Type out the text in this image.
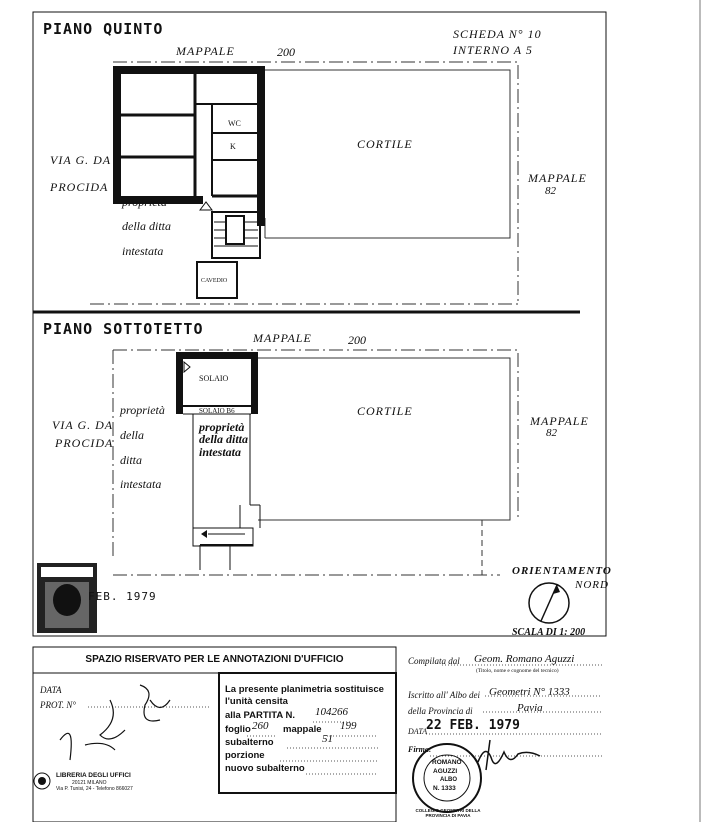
PIANO QUINTO	SCHEDA N° 10
INTERNO A 5
MAPPALE	200
CORTILE
VIA G. DA
PROCIDA
MAPPALE
82
proprietà
della ditta
intestata
WC
K
CAVEDIO
PIANO SOTTOTETTO	MAPPALE	200
CORTILE
VIA G. DA
PROCIDA
MAPPALE
82
proprietà
della
ditta
intestata
proprietà
della ditta
intestata
SOLAIO
SOLAIO B6
FEB. 1979
ORIENTAMENTO
NORD
SCALA DI 1: 200
SPAZIO RISERVATO PER LE ANNOTAZIONI D'UFFICIO
DATA
PROT. N°
La presente planimetria sostituisce l'unità censita
alla PARTITA N. 104266
foglio 260 mappale 199
subalterno	51
porzione
nuovo subalterno
LIBRERIA DEGLI UFFICI
20121 MILANO
Via P. Tunisi, 24 - Telefono 866027
Compilata dal Geom. Romano Aguzzi
(Titolo, nome e cognome del tecnico)
Iscritto all' Albo dei Geometri N° 1333
della Provincia di	Pavia
DATA
22 FEB. 1979
Firma:
ROMANO
AGUZZI
ALBO
N. 1333
COLLEGIO GEOMETRI DELLA PROVINCIA DI PAVIA
